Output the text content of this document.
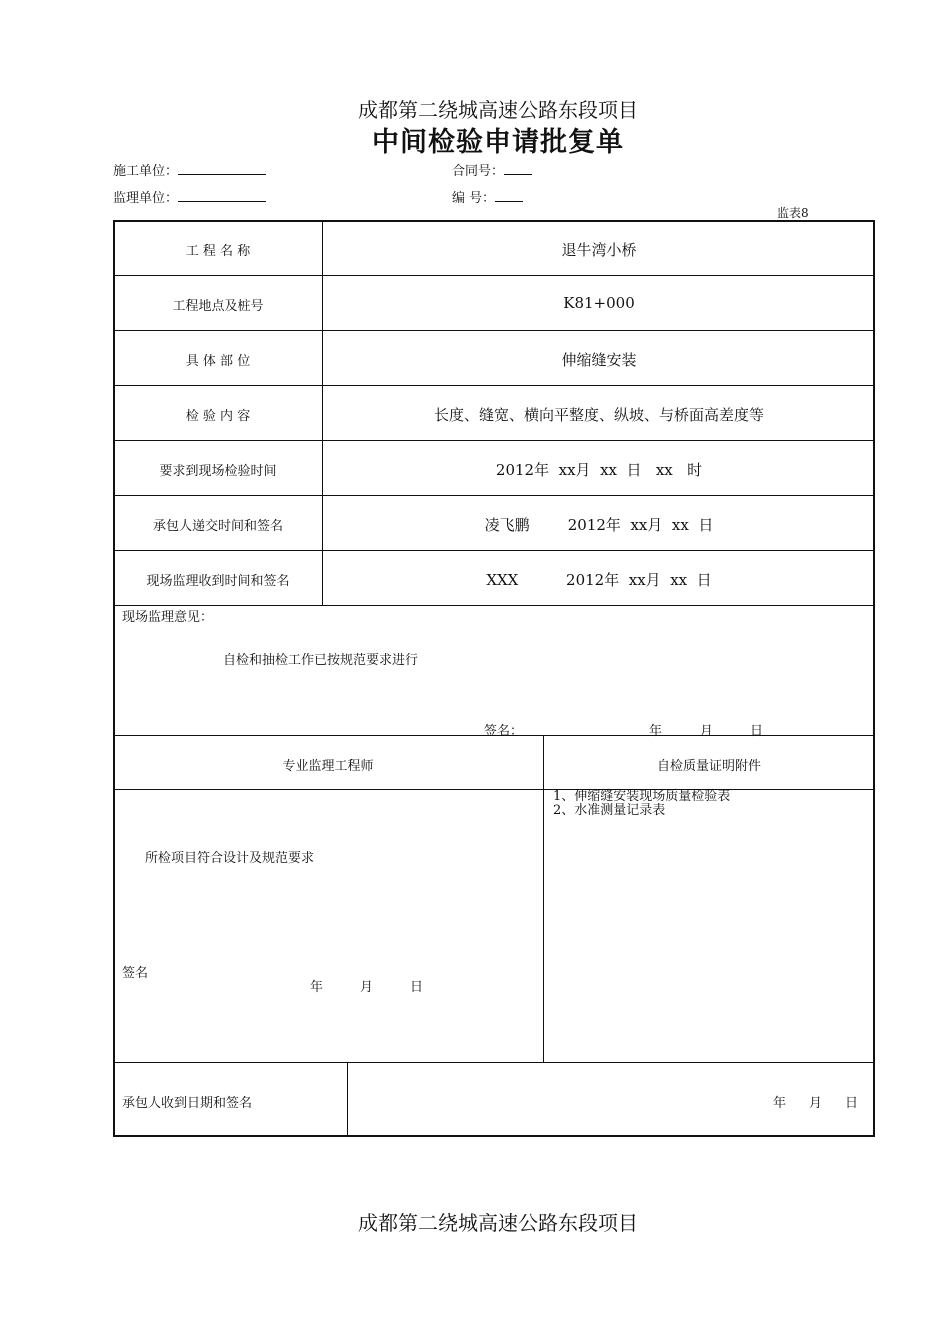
成都第二绕城高速公路东段项目
中间检验申请批复单
施工单位：	合同号：
监理单位：	编 号：
监表8
工 程 名 称	退牛湾小桥
工程地点及桩号	K81+000
具 体 部 位	伸缩缝安装
检 验 内 容	长度、缝宽、横向平整度、纵坡、与桥面高差度等
要求到现场检验时间	2012年  xx月  xx  日   xx   时
承包人递交时间和签名	凌飞鹏        2012年  xx月  xx  日
现场监理收到时间和签名	XXX          2012年  xx月  xx  日
现场监理意见：
自检和抽检工作已按规范要求进行
签名：	年	月	日
专业监理工程师	自检质量证明附件
所检项目符合设计及规范要求
签名
年	月	日
1、伸缩缝安装现场质量检验表
2、水准测量记录表
承包人收到日期和签名	年 月 日
成都第二绕城高速公路东段项目
